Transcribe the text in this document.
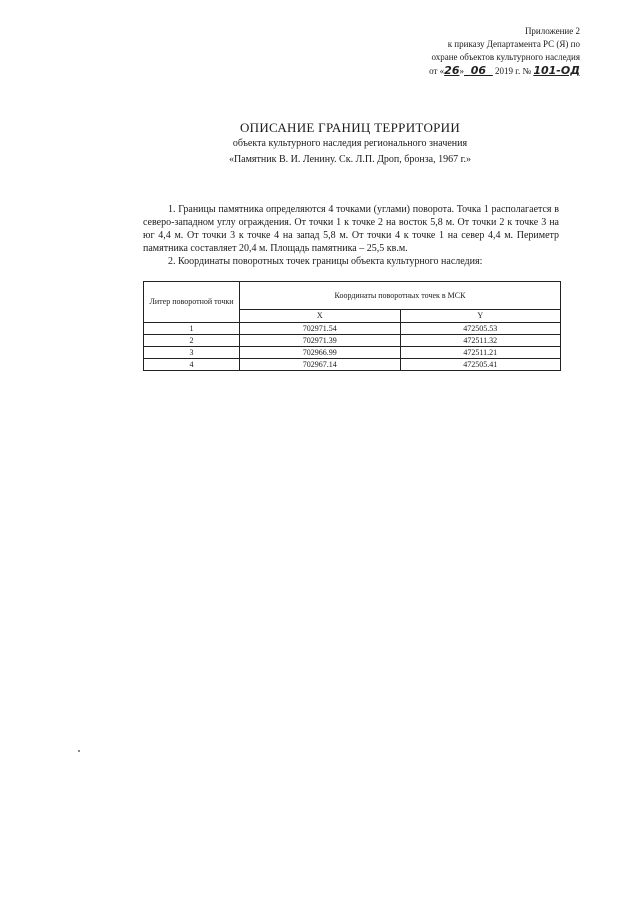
Приложение 2
к приказу Департамента РС (Я) по
охране объектов культурного наследия
от «26» 06 2019 г. № 101-ОД
ОПИСАНИЕ ГРАНИЦ ТЕРРИТОРИИ
объекта культурного наследия регионального значения
«Памятник В. И. Ленину. Ск. Л.П. Дроп, бронза, 1967 г.»

1. Границы памятника определяются 4 точками (углами) поворота. Точка 1 располагается в северо-западном углу ограждения. От точки 1 к точке 2 на восток 5,8 м. От точки 2 к точке 3 на юг 4,4 м. От точки 3 к точке 4 на запад 5,8 м. От точки 4 к точке 1 на север 4,4 м. Периметр памятника составляет 20,4 м. Площадь памятника – 25,5 кв.м.

2. Координаты поворотных точек границы объекта культурного наследия:

Литер поворотной точки	Координаты поворотных точек в МСК	
	X	Y
1	702971.54	472505.53
2	702971.39	472511.32
3	702966.99	472511.21
4	702967.14	472505.41
